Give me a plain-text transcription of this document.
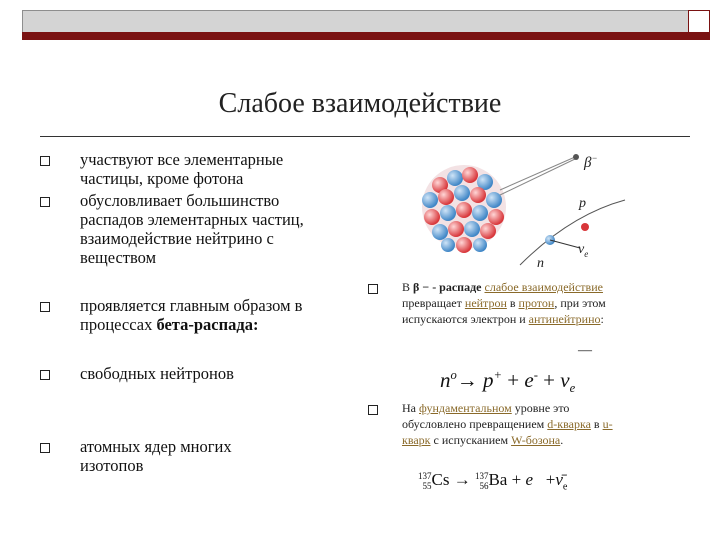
Слабое взаимодействие
участвуют все элементарные частицы, кроме фотона
обусловливает большинство распадов элементарных частиц, взаимодействие нейтрино с веществом
проявляется главным образом в процессах бета-распада:
свободных нейтронов
атомных ядер многих изотопов
β−
p
$\nu_e$
n
В β − - распаде слабое взаимодействие
превращает нейтрон в протон, при этом
испускаются электрон и антинейтрино:
—
$n^o\to p^+ + e^- + \nu_e$
На фундаментальном уровне это
обусловлено превращением d-кварка в u-
кварк с испусканием W-бозона.
137
55Cs → 137
$56Ba + e +\nū_e$
